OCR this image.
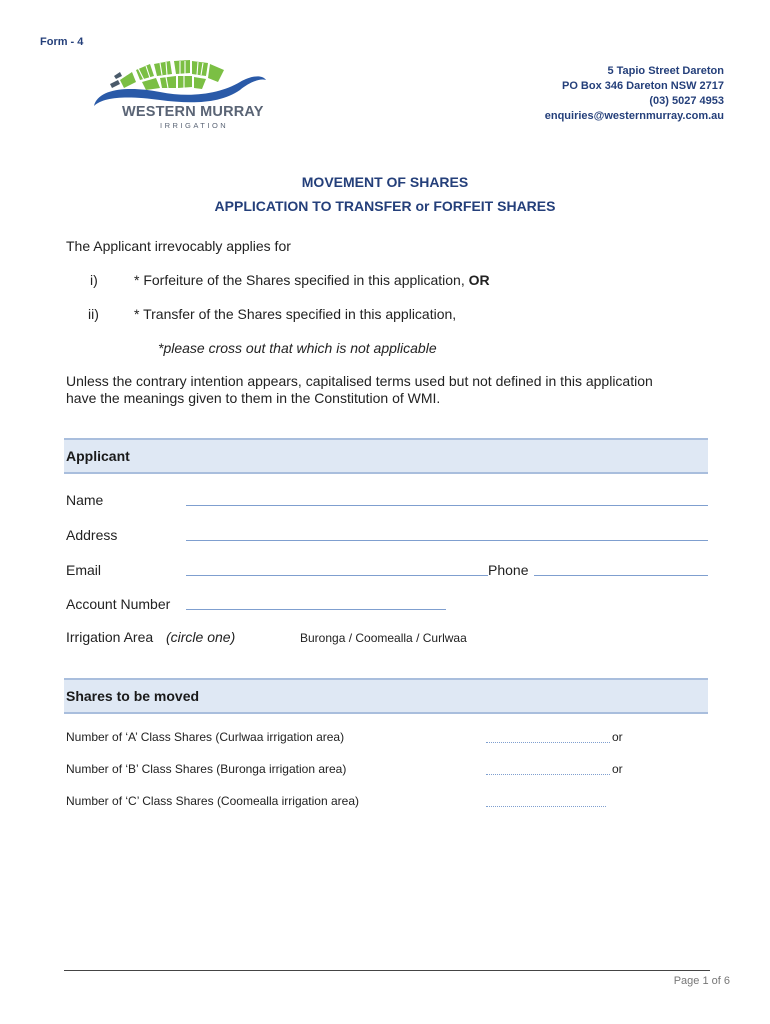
Form - 4
WESTERN MURRAY
IRRIGATION
5 Tapio Street Dareton
PO Box 346 Dareton NSW 2717
(03) 5027 4953
enquiries@westernmurray.com.au
MOVEMENT OF SHARES
APPLICATION TO TRANSFER or FORFEIT SHARES
The Applicant irrevocably applies for
i)	* Forfeiture of the Shares specified in this application, OR
ii)	* Transfer of the Shares specified in this application,
*please cross out that which is not applicable
Unless the contrary intention appears, capitalised terms used but not defined in this application
have the meanings given to them in the Constitution of WMI.
Applicant
Name
Address
Email	Phone
Account Number
Irrigation Area (circle one)	Buronga / Coomealla / Curlwaa
Shares to be moved
Number of ‘A’ Class Shares (Curlwaa irrigation area)	or
Number of ‘B’ Class Shares (Buronga irrigation area)	or
Number of ‘C’ Class Shares (Coomealla irrigation area)
Page 1 of 6
